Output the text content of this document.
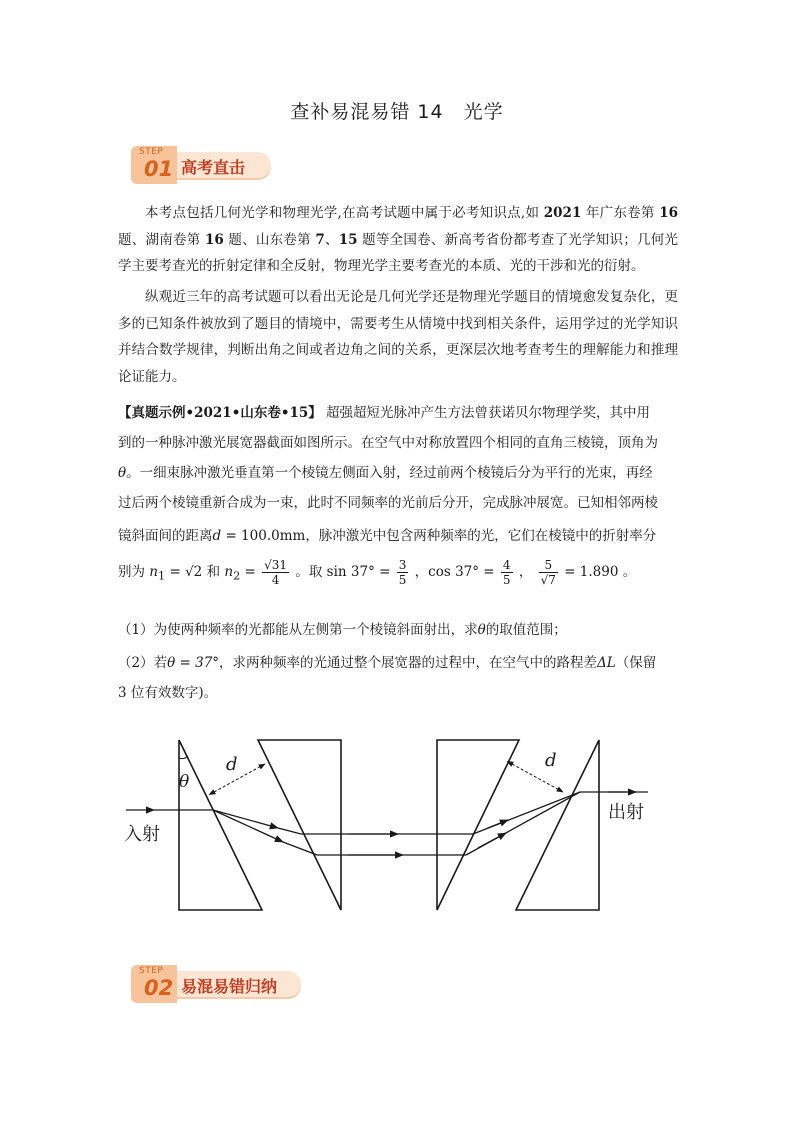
查补易混易错 14　光学
STEP
01 高考直击
本考点包括几何光学和物理光学,在高考试题中属于必考知识点,如 2021 年广东卷第 16 题、湖南卷第 16 题、山东卷第 7、15 题等全国卷、新高考省份都考查了光学知识；几何光学主要考查光的折射定律和全反射，物理光学主要考查光的本质、光的干涉和光的衍射。
纵观近三年的高考试题可以看出无论是几何光学还是物理光学题目的情境愈发复杂化，更多的已知条件被放到了题目的情境中，需要考生从情境中找到相关条件，运用学过的光学知识并结合数学规律，判断出角之间或者边角之间的关系，更深层次地考查考生的理解能力和推理论证能力。
【真题示例•2021•山东卷•15】 超强超短光脉冲产生方法曾获诺贝尔物理学奖，其中用
到的一种脉冲激光展宽器截面如图所示。在空气中对称放置四个相同的直角三棱镜，顶角为
θ。一细束脉冲激光垂直第一个棱镜左侧面入射，经过前两个棱镜后分为平行的光束，再经
过后两个棱镜重新合成为一束，此时不同频率的光前后分开，完成脉冲展宽。已知相邻两棱
镜斜面间的距离d = 100.0mm，脉冲激光中包含两种频率的光，它们在棱镜中的折射率分
别为 $n_1 = √2$ 和 $n_2 = \frac{√31}{4}$ 。取 $\sin 37^\circ = \frac{3}{5}$ ，$\cos 37^\circ = \frac{4}{5}$ ， $\frac{5}{√7} = 1.890$ 。
（1）为使两种频率的光都能从左侧第一个棱镜斜面射出，求θ的取值范围；
（2）若θ = 37°，求两种频率的光通过整个展宽器的过程中，在空气中的路程差ΔL（保留
3 位有效数字)。
θ
d	d
入射
出射
STEP
02 易混易错归纳
